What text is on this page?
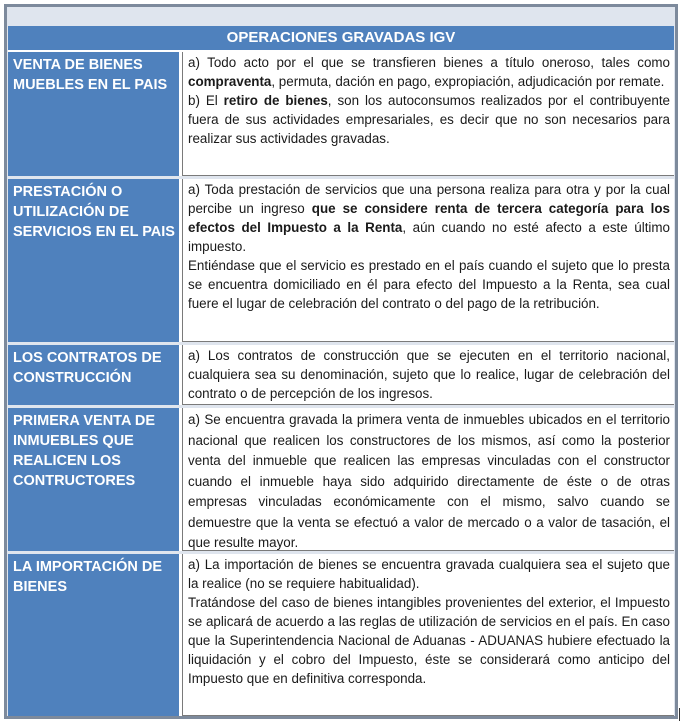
OPERACIONES GRAVADAS IGV
VENTA DE BIENES MUEBLES EN EL PAIS

a) Todo acto por el que se transfieren bienes a título oneroso, tales como compraventa, permuta, dación en pago, expropiación, adjudicación por remate.

b) El retiro de bienes, son los autoconsumos realizados por el contribuyente fuera de sus actividades empresariales, es decir que no son necesarios para realizar sus actividades gravadas.

PRESTACIÓN O UTILIZACIÓN DE SERVICIOS EN EL PAIS

a) Toda prestación de servicios que una persona realiza para otra y por la cual percibe un ingreso que se considere renta de tercera categoría para los efectos del Impuesto a la Renta, aún cuando no esté afecto a este último impuesto.

Entiéndase que el servicio es prestado en el país cuando el sujeto que lo presta se encuentra domiciliado en él para efecto del Impuesto a la Renta, sea cual fuere el lugar de celebración del contrato o del pago de la retribución.

LOS CONTRATOS DE CONSTRUCCIÓN

a) Los contratos de construcción que se ejecuten en el territorio nacional, cualquiera sea su denominación, sujeto que lo realice, lugar de celebración del contrato o de percepción de los ingresos.

PRIMERA VENTA DE INMUEBLES QUE REALICEN LOS CONTRUCTORES

a) Se encuentra gravada la primera venta de inmuebles ubicados en el territorio nacional que realicen los constructores de los mismos, así como la posterior venta del inmueble que realicen las empresas vinculadas con el constructor cuando el inmueble haya sido adquirido directamente de éste o de otras empresas vinculadas económicamente con el mismo, salvo cuando se demuestre que la venta se efectuó a valor de mercado o a valor de tasación, el que resulte mayor.

LA IMPORTACIÓN DE BIENES

a) La importación de bienes se encuentra gravada cualquiera sea el sujeto que la realice (no se requiere habitualidad).

Tratándose del caso de bienes intangibles provenientes del exterior, el Impuesto se aplicará de acuerdo a las reglas de utilización de servicios en el país. En caso que la Superintendencia Nacional de Aduanas - ADUANAS hubiere efectuado la liquidación y el cobro del Impuesto, éste se considerará como anticipo del Impuesto que en definitiva corresponda.
